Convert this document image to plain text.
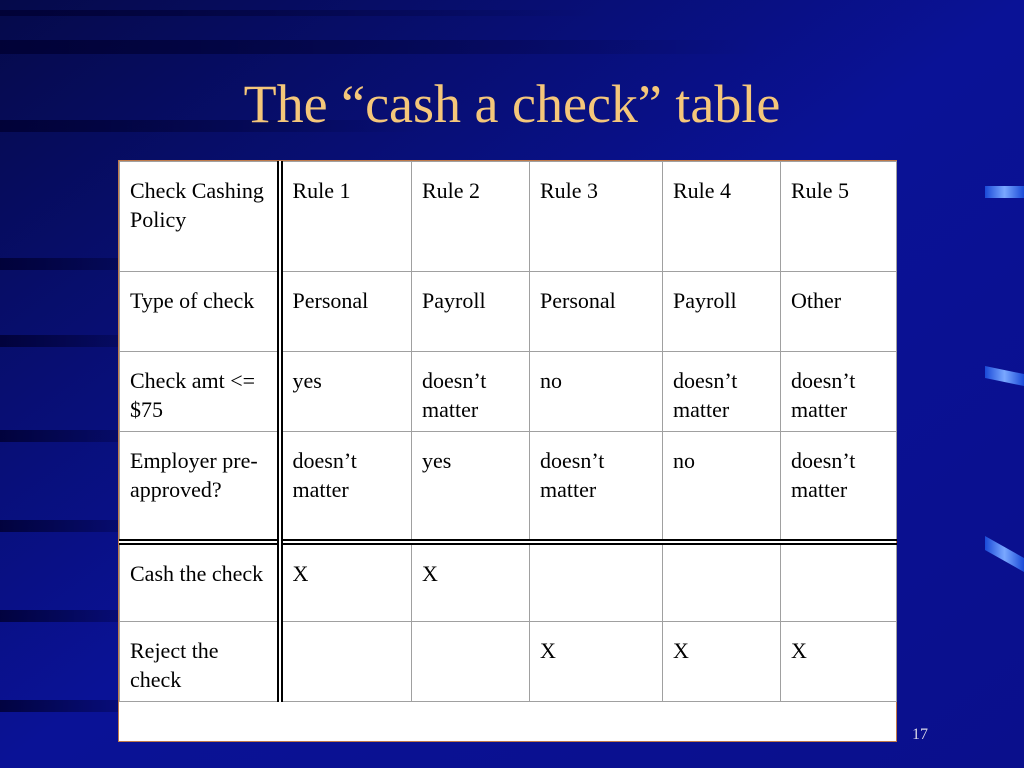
The “cash a check” table
Check Cashing Policy	Rule 1	Rule 2	Rule 3	Rule 4	Rule 5
Type of check	Personal	Payroll	Personal	Payroll	Other
Check amt <= $75	yes	doesn’t matter	no	doesn’t matter	doesn’t matter
Employer pre-approved?	doesn’t matter	yes	doesn’t matter	no	doesn’t matter
Cash the check	X	X			
Reject the check			X	X	X
17
